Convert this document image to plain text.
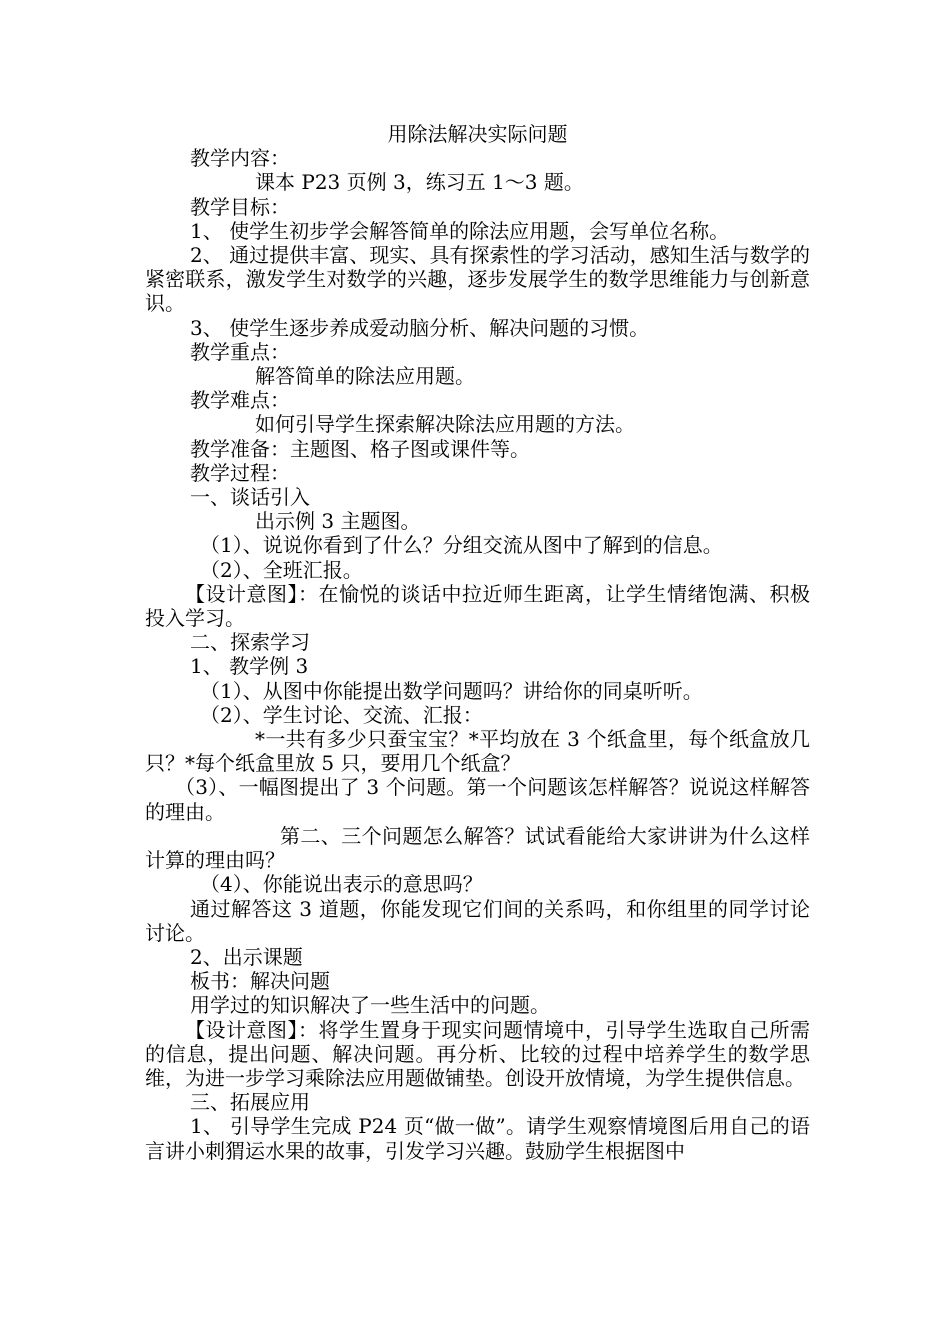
用除法解决实际问题

教学内容：

课本 P23 页例 3，练习五 1～3 题。

教学目标：

1、 使学生初步学会解答简单的除法应用题，会写单位名称。

2、 通过提供丰富、现实、具有探索性的学习活动，感知生活与数学的紧密联系，激发学生对数学的兴趣，逐步发展学生的数学思维能力与创新意识。

3、 使学生逐步养成爱动脑分析、解决问题的习惯。

教学重点：

解答简单的除法应用题。

教学难点：

如何引导学生探索解决除法应用题的方法。

教学准备：主题图、格子图或课件等。

教学过程：

一、谈话引入

出示例 3 主题图。

（1）、说说你看到了什么？分组交流从图中了解到的信息。

（2）、全班汇报。

【设计意图】：在愉悦的谈话中拉近师生距离，让学生情绪饱满、积极投入学习。

二、探索学习

1、 教学例 3

（1）、从图中你能提出数学问题吗？讲给你的同桌听听。

（2）、学生讨论、交流、汇报：

*一共有多少只蚕宝宝？*平均放在 3 个纸盒里，每个纸盒放几只？*每个纸盒里放 5 只，要用几个纸盒？

（3）、一幅图提出了 3 个问题。第一个问题该怎样解答？说说这样解答的理由。

第二、三个问题怎么解答？试试看能给大家讲讲为什么这样计算的理由吗？

（4）、你能说出表示的意思吗？

通过解答这 3 道题，你能发现它们间的关系吗，和你组里的同学讨论讨论。

2、出示课题

板书：解决问题

用学过的知识解决了一些生活中的问题。

【设计意图】：将学生置身于现实问题情境中，引导学生选取自己所需的信息，提出问题、解决问题。再分析、比较的过程中培养学生的数学思维，为进一步学习乘除法应用题做铺垫。创设开放情境，为学生提供信息。

三、拓展应用

1、 引导学生完成 P24 页“做一做”。请学生观察情境图后用自己的语言讲小刺猬运水果的故事，引发学习兴趣。鼓励学生根据图中
